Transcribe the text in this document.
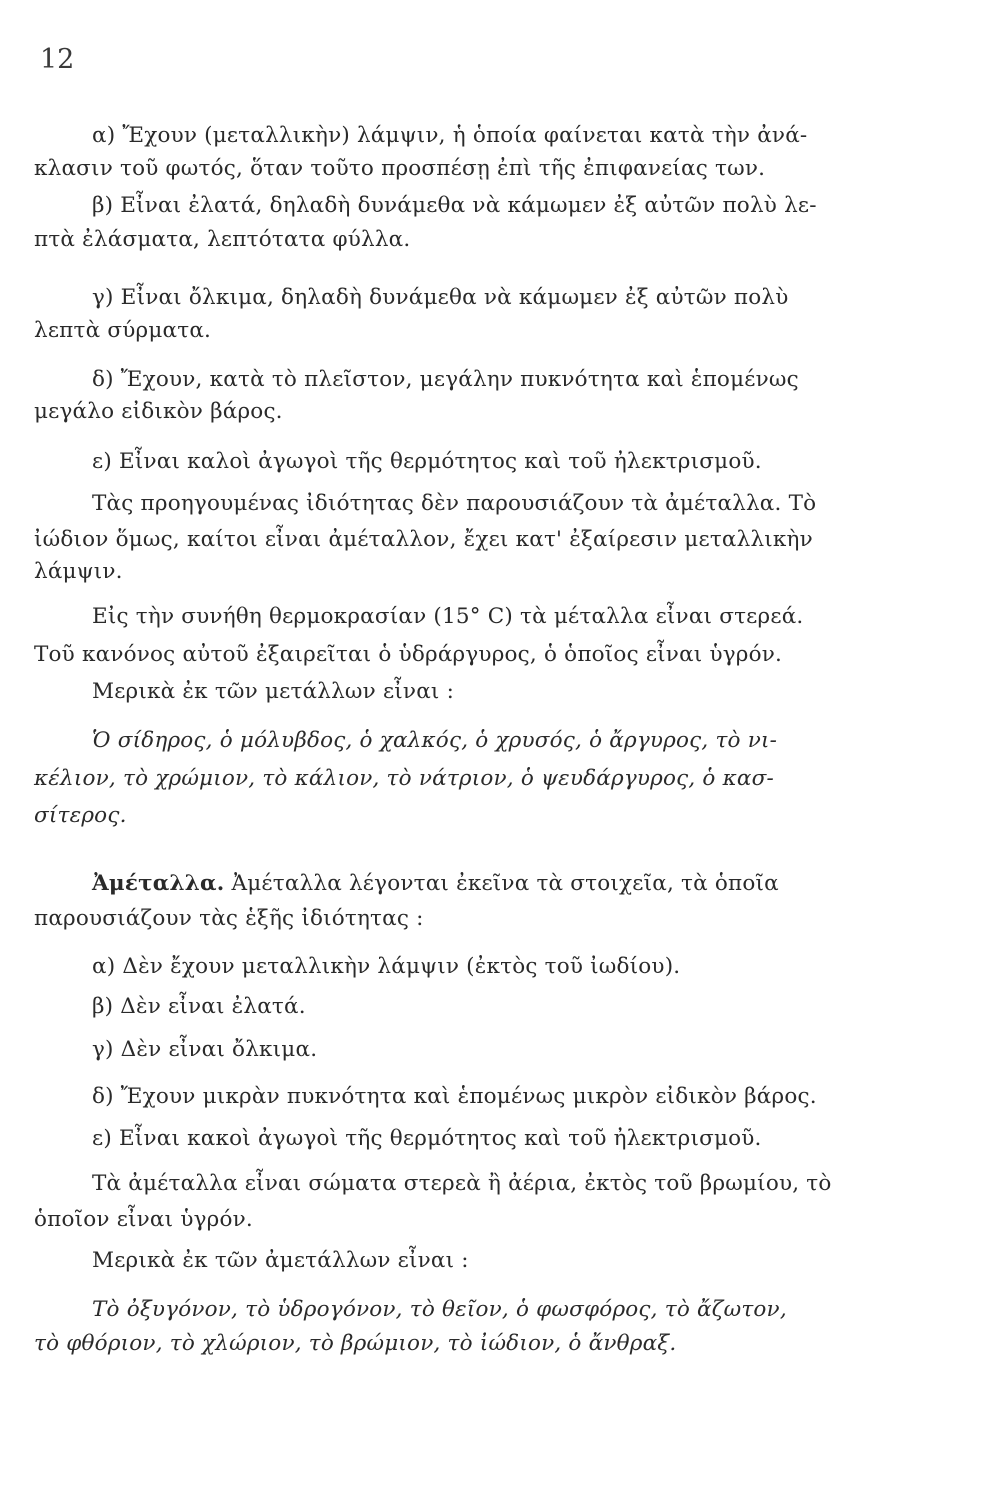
12
α) Ἔχουν (μεταλλικὴν) λάμψιν, ἡ ὁποία φαίνεται κατὰ τὴν ἀνά-
κλασιν τοῦ φωτός, ὅταν τοῦτο προσπέσῃ ἐπὶ τῆς ἐπιφανείας των.
β) Εἶναι ἐλατά, δηλαδὴ δυνάμεθα νὰ κάμωμεν ἐξ αὐτῶν πολὺ λε-
πτὰ ἐλάσματα, λεπτότατα φύλλα.
γ) Εἶναι ὄλκιμα, δηλαδὴ δυνάμεθα νὰ κάμωμεν ἐξ αὐτῶν πολὺ
λεπτὰ σύρματα.
δ) Ἔχουν, κατὰ τὸ πλεῖστον, μεγάλην πυκνότητα καὶ ἑπομένως
μεγάλο εἰδικὸν βάρος.
ε) Εἶναι καλοὶ ἀγωγοὶ τῆς θερμότητος καὶ τοῦ ἠλεκτρισμοῦ.
Τὰς προηγουμένας ἰδιότητας δὲν παρουσιάζουν τὰ ἀμέταλλα. Τὸ
ἰώδιον ὅμως, καίτοι εἶναι ἀμέταλλον, ἔχει κατ' ἐξαίρεσιν μεταλλικὴν
λάμψιν.
Εἰς τὴν συνήθη θερμοκρασίαν (15° C) τὰ μέταλλα εἶναι στερεά.
Τοῦ κανόνος αὐτοῦ ἐξαιρεῖται ὁ ὑδράργυρος, ὁ ὁποῖος εἶναι ὑγρόν.
Μερικὰ ἐκ τῶν μετάλλων εἶναι :
Ὁ σίδηρος, ὁ μόλυβδος, ὁ χαλκός, ὁ χρυσός, ὁ ἄργυρος, τὸ νι-
κέλιον, τὸ χρώμιον, τὸ κάλιον, τὸ νάτριον, ὁ ψευδάργυρος, ὁ κασ-
σίτερος.
Ἀμέταλλα. Ἀμέταλλα λέγονται ἐκεῖνα τὰ στοιχεῖα, τὰ ὁποῖα
παρουσιάζουν τὰς ἑξῆς ἰδιότητας :
α) Δὲν ἔχουν μεταλλικὴν λάμψιν (ἐκτὸς τοῦ ἰωδίου).
β) Δὲν εἶναι ἐλατά.
γ) Δὲν εἶναι ὄλκιμα.
δ) Ἔχουν μικρὰν πυκνότητα καὶ ἑπομένως μικρὸν εἰδικὸν βάρος.
ε) Εἶναι κακοὶ ἀγωγοὶ τῆς θερμότητος καὶ τοῦ ἠλεκτρισμοῦ.
Τὰ ἀμέταλλα εἶναι σώματα στερεὰ ἢ ἀέρια, ἐκτὸς τοῦ βρωμίου, τὸ
ὁποῖον εἶναι ὑγρόν.
Μερικὰ ἐκ τῶν ἀμετάλλων εἶναι :
Τὸ ὀξυγόνον, τὸ ὑδρογόνον, τὸ θεῖον, ὁ φωσφόρος, τὸ ἄζωτον,
τὸ φθόριον, τὸ χλώριον, τὸ βρώμιον, τὸ ἰώδιον, ὁ ἄνθραξ.
